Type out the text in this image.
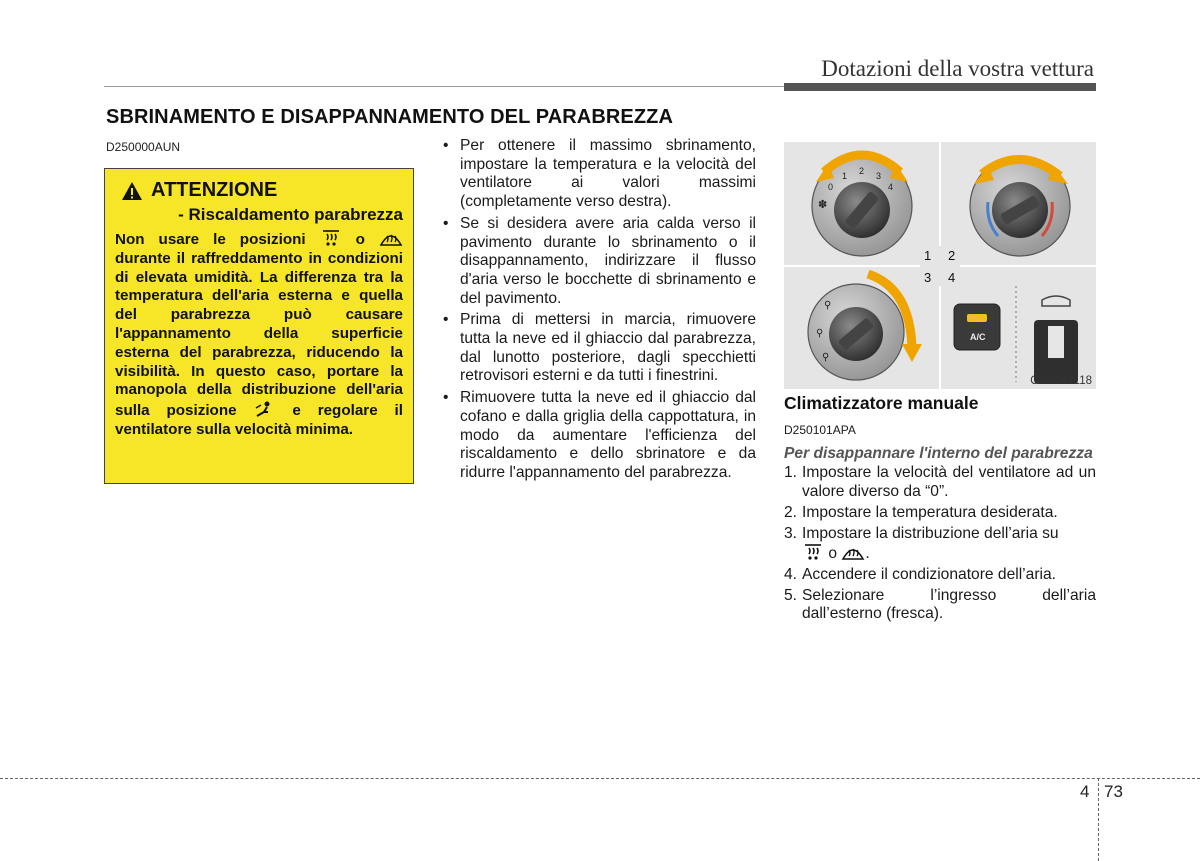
Dotazioni della vostra vettura
SBRINAMENTO E DISAPPANNAMENTO DEL PARABREZZA
D250000AUN
ATTENZIONE
- Riscaldamento parabrezza
Non usare le posizioni	o  durante il raffreddamento in condizioni di elevata umidità. La differenza tra la temperatura dell'aria esterna e quella del parabrezza può causare l'appannamento della superficie esterna del parabrezza, riducendo la visibilità. In questo caso, portare la manopola della distribuzione dell'aria sulla posizione	e regolare il ventilatore sulla velocità minima.
• Per ottenere il massimo sbrinamento, impostare la temperatura e la velocità del ventilatore ai valori massimi (completamente verso destra).
• Se si desidera avere aria calda verso il pavimento durante lo sbrinamento o il disappannamento, indirizzare il flusso d'aria verso le bocchette di sbrinamento e del pavimento.
• Prima di mettersi in marcia, rimuovere tutta la neve ed il ghiaccio dal parabrezza, dal lunotto posteriore, dagli specchietti retrovisori esterni e da tutti i finestrini.
• Rimuovere tutta la neve ed il ghiaccio dal cofano e dalla griglia della cappottatura, in modo da aumentare l'efficienza del riscaldamento e dello sbrinatore e da ridurre l'appannamento del parabrezza.
0
1 2 3
4
✽
⚲
⚲
⚲
A/C
1 2
3 4
OSA047118
Climatizzatore manuale
D250101APA
Per disappannare l'interno del parabrezza
1. Impostare la velocità del ventilatore ad un valore diverso da “0”.
2. Impostare la temperatura desiderata.
3. Impostare la distribuzione dell’aria su
o .
4. Accendere il condizionatore dell’aria.
5. Selezionare l’ingresso dell’aria dall’esterno (fresca).
4 73
